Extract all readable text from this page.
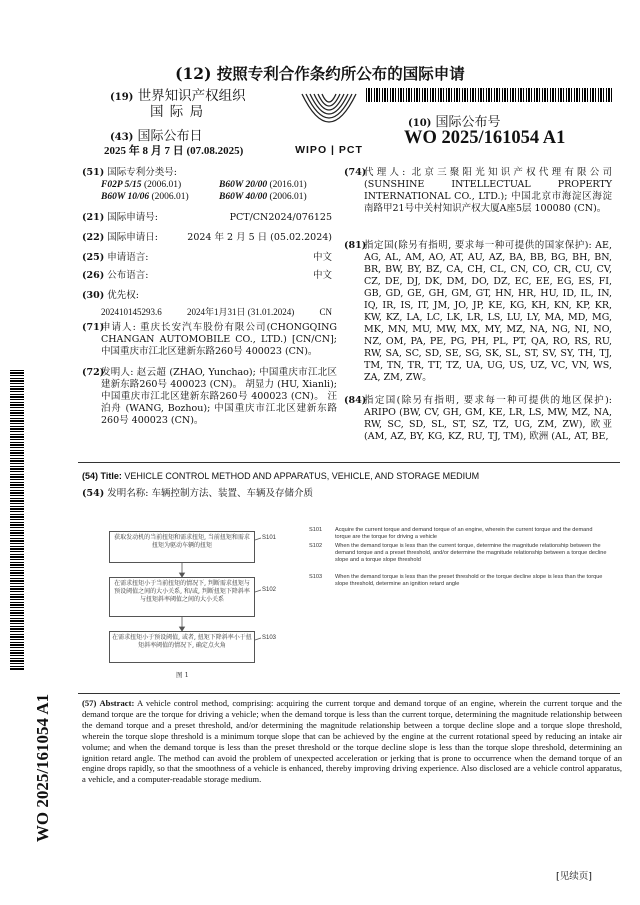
(12) 按照专利合作条约所公布的国际申请
(19) 世界知识产权组织
国 际 局
(43) 国际公布日
2025 年 8 月 7 日 (07.08.2025)	WIPO | PCT
(10) 国际公布号
WO 2025/161054 A1
WO 2025/161054 A1
(51) 国际专利分类号:
F02P 5/15 (2006.01)	B60W 20/00 (2016.01)
B60W 10/06 (2006.01)	B60W 40/00 (2006.01)
(21) 国际申请号:	PCT/CN2024/076125
(22) 国际申请日:	2024 年 2 月 5 日 (05.02.2024)
(25) 申请语言:	中文
(26) 公布语言:	中文
(30) 优先权:
202410145293.6	2024年1月31日 (31.01.2024)	CN
(71)
申请人: 重庆长安汽车股份有限公司(CHONGQING CHANGAN AUTOMOBILE CO., LTD.) [CN/CN]; 中国重庆市江北区建新东路260号 400023 (CN)。
(72)
发明人: 赵云超 (ZHAO, Yunchao); 中国重庆市江北区建新东路260号 400023 (CN)。 胡显力 (HU, Xianli); 中国重庆市江北区建新东路260号 400023 (CN)。 汪泊舟 (WANG, Bozhou); 中国重庆市江北区建新东路260号 400023 (CN)。
(74)
代理人: 北京三聚阳光知识产权代理有限公司 (SUNSHINE INTELLECTUAL PROPERTY INTERNATIONAL CO., LTD.); 中国北京市海淀区海淀南路甲21号中关村知识产权大厦A座5层 100080 (CN)。
(81)
指定国(除另有指明, 要求每一种可提供的国家保护): AE, AG, AL, AM, AO, AT, AU, AZ, BA, BB, BG, BH, BN, BR, BW, BY, BZ, CA, CH, CL, CN, CO, CR, CU, CV, CZ, DE, DJ, DK, DM, DO, DZ, EC, EE, EG, ES, FI, GB, GD, GE, GH, GM, GT, HN, HR, HU, ID, IL, IN, IQ, IR, IS, IT, JM, JO, JP, KE, KG, KH, KN, KP, KR, KW, KZ, LA, LC, LK, LR, LS, LU, LY, MA, MD, MG, MK, MN, MU, MW, MX, MY, MZ, NA, NG, NI, NO, NZ, OM, PA, PE, PG, PH, PL, PT, QA, RO, RS, RU, RW, SA, SC, SD, SE, SG, SK, SL, ST, SV, SY, TH, TJ, TM, TN, TR, TT, TZ, UA, UG, US, UZ, VC, VN, WS, ZA, ZM, ZW。
(84)
指定国(除另有指明, 要求每一种可提供的地区保护): ARIPO (BW, CV, GH, GM, KE, LR, LS, MW, MZ, NA, RW, SC, SD, SL, ST, SZ, TZ, UG, ZM, ZW), 欧亚 (AM, AZ, BY, KG, KZ, RU, TJ, TM), 欧洲 (AL, AT, BE,
(54) Title: VEHICLE CONTROL METHOD AND APPARATUS, VEHICLE, AND STORAGE MEDIUM
(54) 发明名称: 车辆控制方法、装置、车辆及存储介质
获取发动机的当前扭矩和需求扭矩, 当前扭矩和需求扭矩为驱动车辆的扭矩
S101
在需求扭矩小于当前扭矩的情况下, 判断需求扭矩与预设阈值之间的大小关系, 和/或, 判断扭矩下降斜率与扭矩斜率阈值之间的大小关系
S102
在需求扭矩小于预设阈值, 或者, 扭矩下降斜率小于扭矩斜率阈值的情况下, 确定点火角
S103
图 1
S101 Acquire the current torque and demand torque of an engine, wherein the current torque and the demand torque are the torque for driving a vehicle
S102 When the demand torque is less than the current torque, determine the magnitude relationship between the demand torque and a preset threshold, and/or determine the magnitude relationship between a torque decline slope and a torque slope threshold
S103 When the demand torque is less than the preset threshold or the torque decline slope is less than the torque slope threshold, determine an ignition retard angle
(57) Abstract: A vehicle control method, comprising: acquiring the current torque and demand torque of an engine, wherein the current torque and the demand torque are the torque for driving a vehicle; when the demand torque is less than the current torque, determining the magnitude relationship between the demand torque and a preset threshold, and/or determining the magnitude relationship between a torque decline slope and a torque slope threshold, wherein the torque slope threshold is a minimum torque slope that can be achieved by the engine at the current rotational speed by reducing an intake air volume; and when the demand torque is less than the preset threshold or the torque decline slope is less than the torque slope threshold, determining an ignition retard angle. The method can avoid the problem of unexpected acceleration or jerking that is prone to occurrence when the demand torque of an engine drops rapidly, so that the smoothness of a vehicle is enhanced, thereby improving driving experience. Also disclosed are a vehicle control apparatus, a vehicle, and a computer-readable storage medium.
[见续页]
